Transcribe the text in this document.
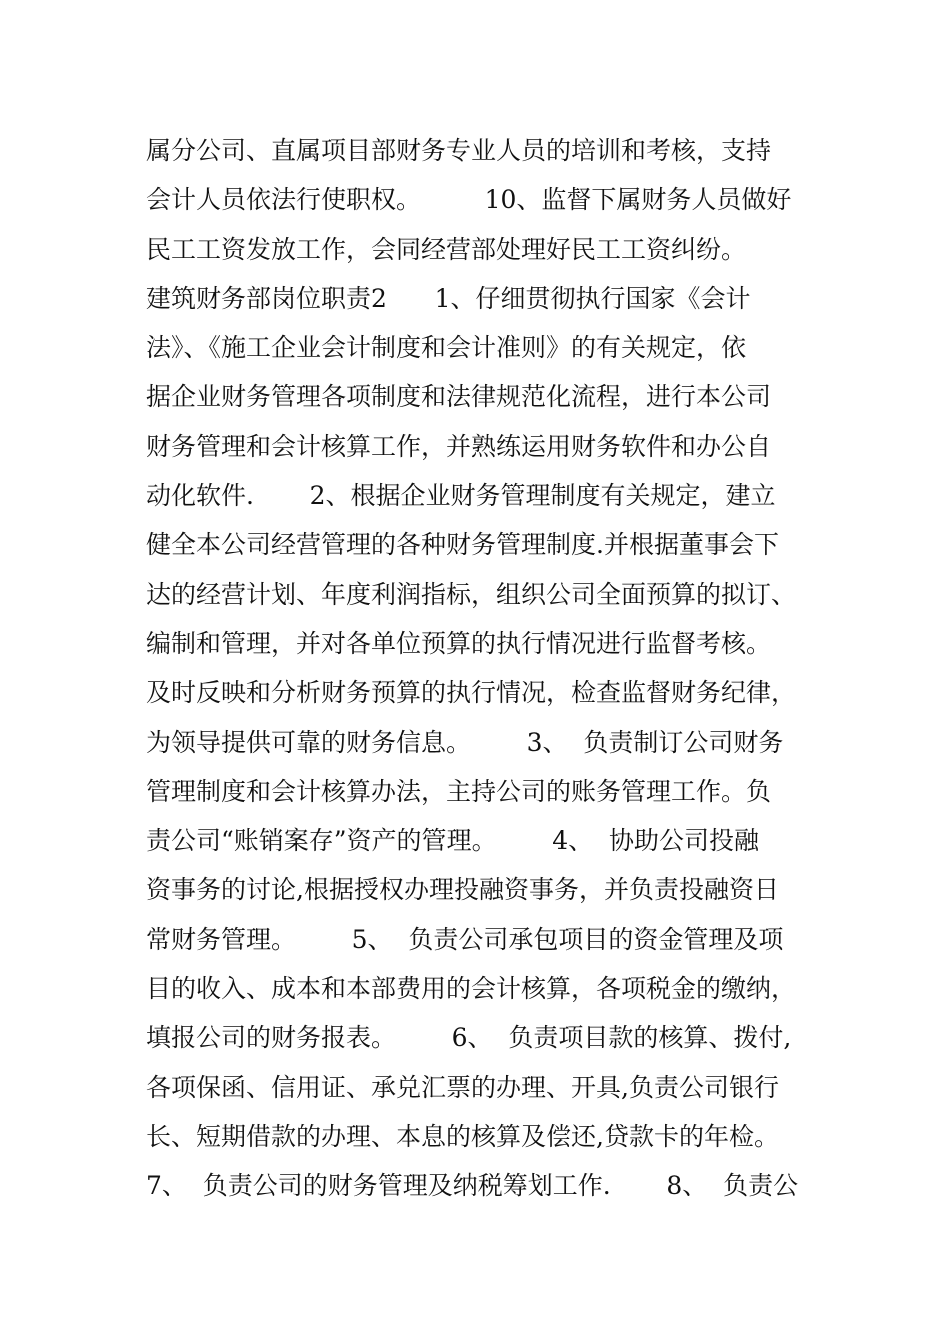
属分公司、直属项目部财务专业人员的培训和考核，支持
会计人员依法行使职权。        10、监督下属财务人员做好
民工工资发放工作，会同经营部处理好民工工资纠纷。
建筑财务部岗位职责2      1、仔细贯彻执行国家《会计
法》、《施工企业会计制度和会计准则》的有关规定，依
据企业财务管理各项制度和法律规范化流程，进行本公司
财务管理和会计核算工作，并熟练运用财务软件和办公自
动化软件.       2、根据企业财务管理制度有关规定，建立
健全本公司经营管理的各种财务管理制度.并根据董事会下
达的经营计划、年度利润指标，组织公司全面预算的拟订、
编制和管理，并对各单位预算的执行情况进行监督考核。
及时反映和分析财务预算的执行情况，检查监督财务纪律，
为领导提供可靠的财务信息。       3、  负责制订公司财务
管理制度和会计核算办法，主持公司的账务管理工作。负
责公司“账销案存”资产的管理。       4、  协助公司投融
资事务的讨论,根据授权办理投融资事务，并负责投融资日
常财务管理。       5、  负责公司承包项目的资金管理及项
目的收入、成本和本部费用的会计核算，各项税金的缴纳，
填报公司的财务报表。       6、  负责项目款的核算、拨付,
各项保函、信用证、承兑汇票的办理、开具,负责公司银行
长、短期借款的办理、本息的核算及偿还,贷款卡的年检。
7、  负责公司的财务管理及纳税筹划工作.       8、  负责公
